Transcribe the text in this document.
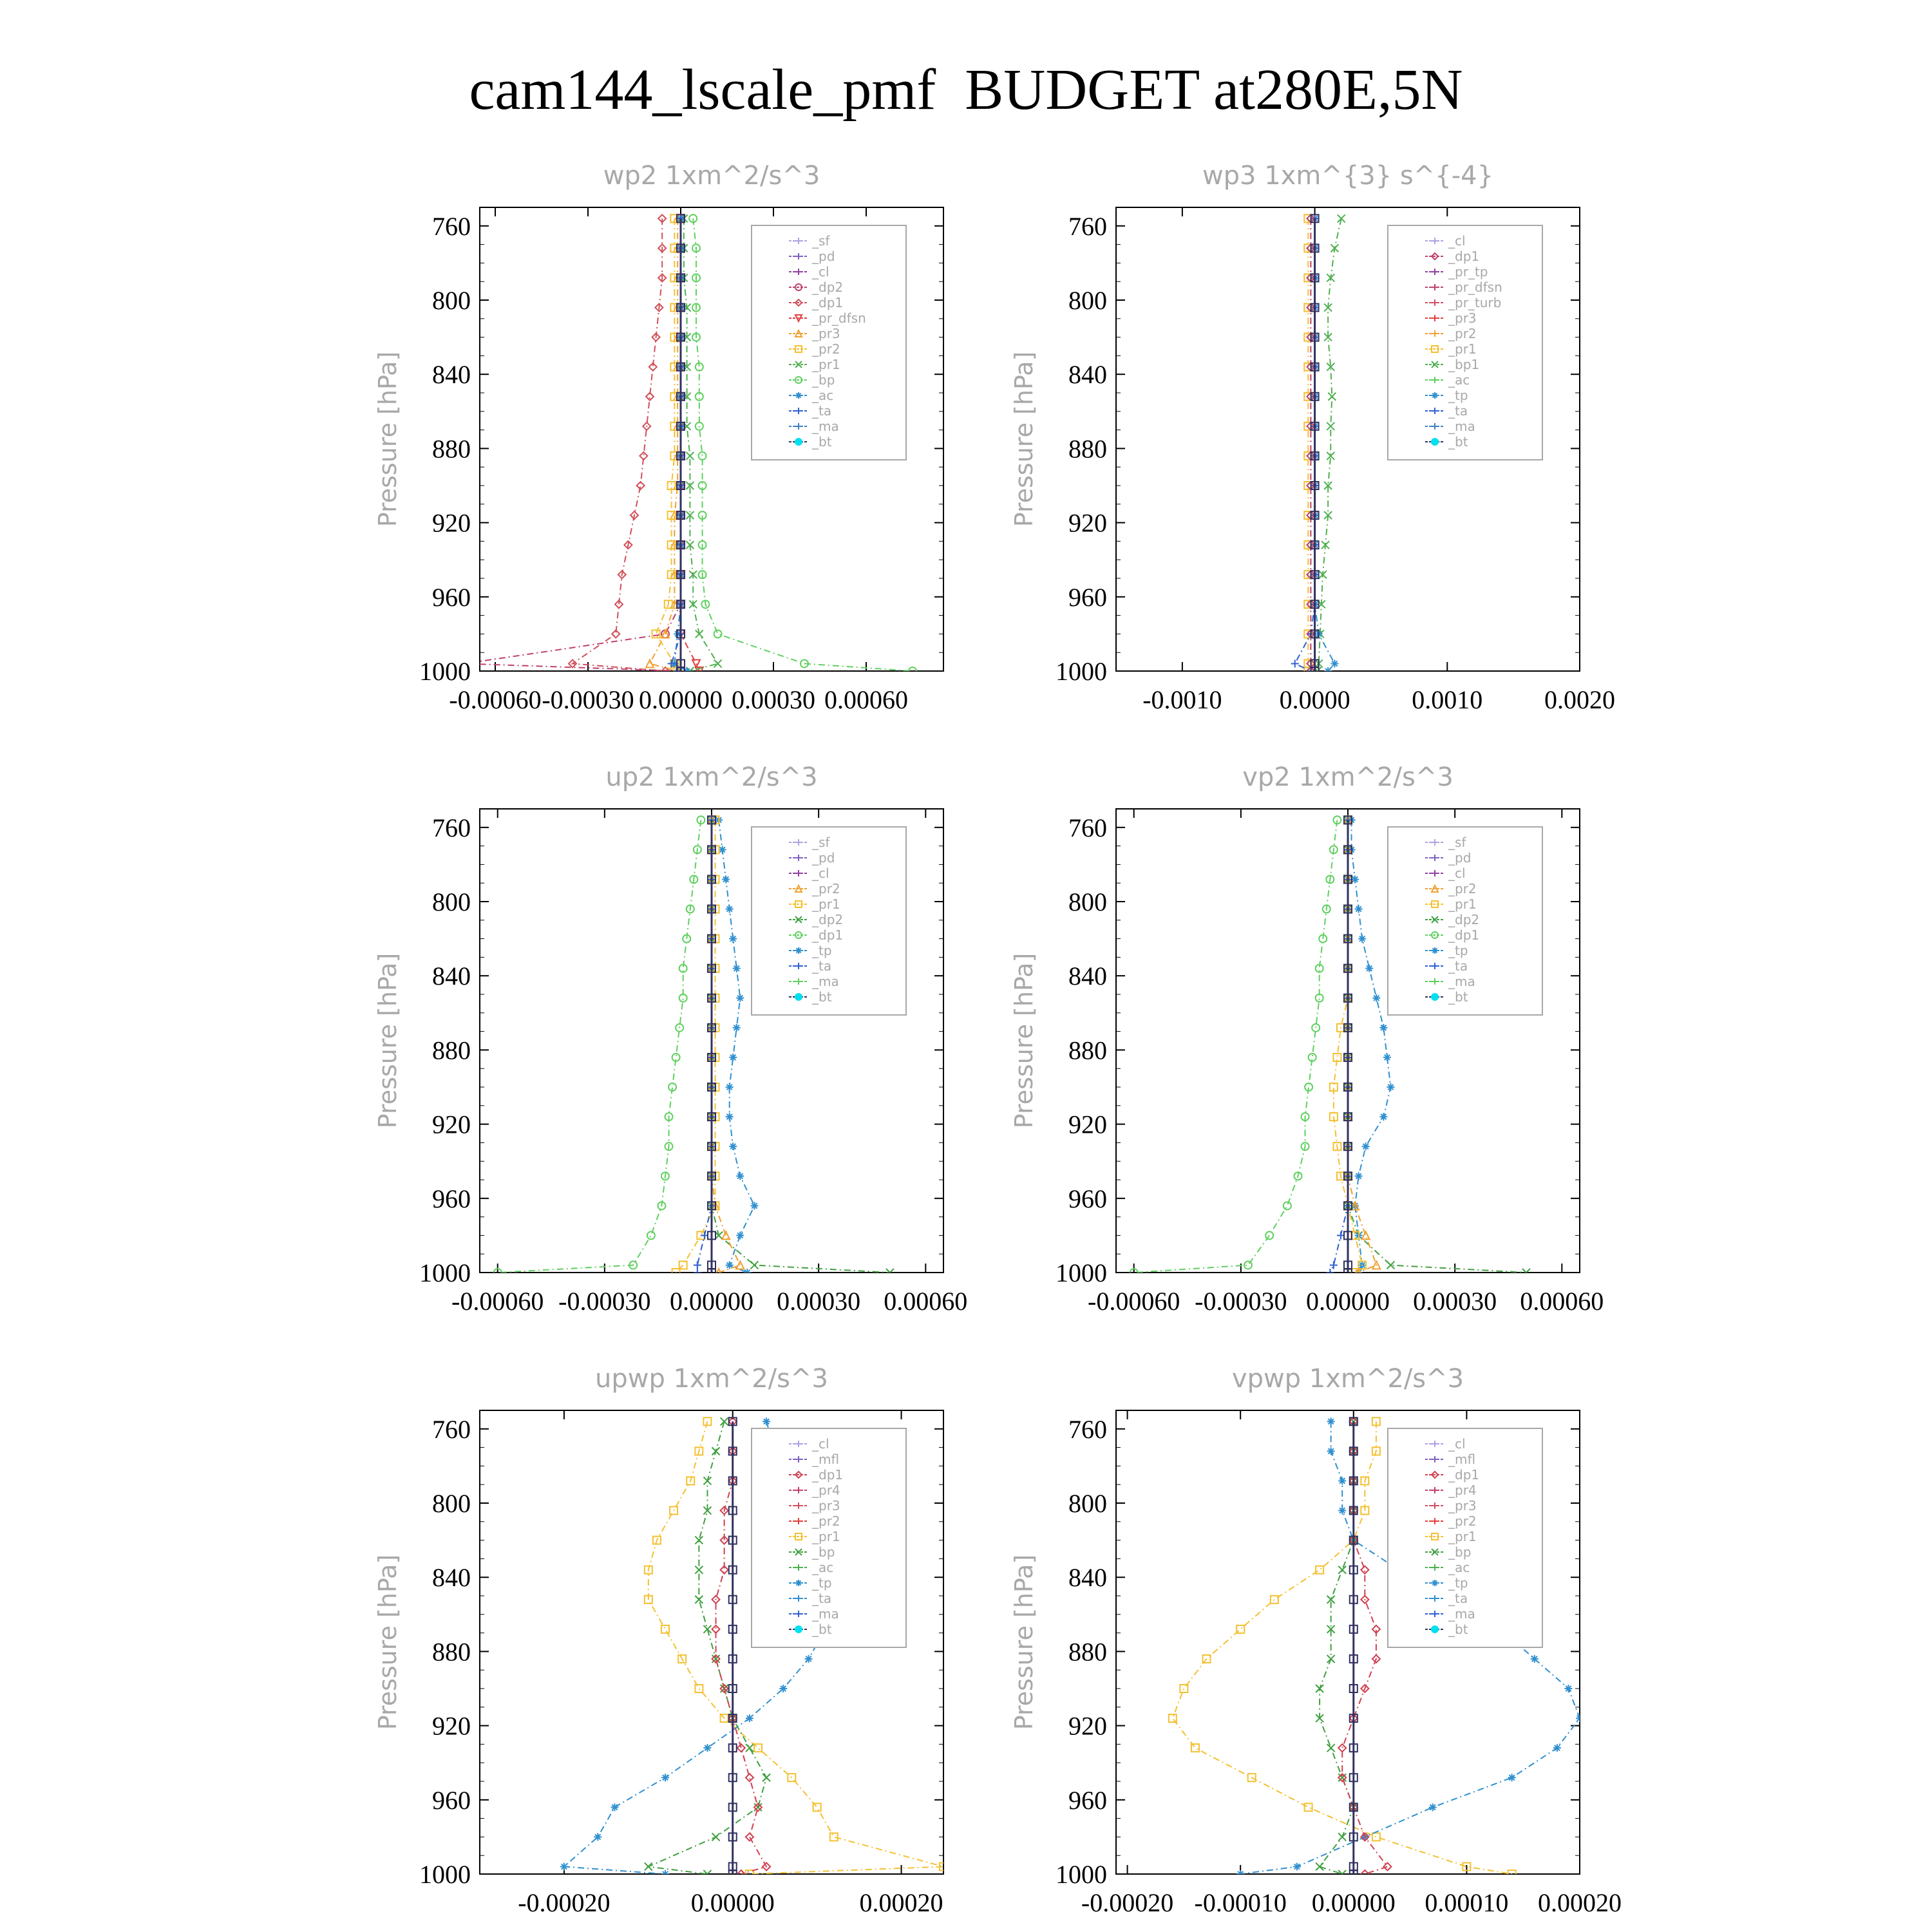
cam144_lscale_pmf  BUDGET at280E,5N
wp2 1xm^2/s^3
Pressure [hPa]
760
800
840
880
920
960
1000
-0.00060 -0.00030 0.00000 0.00030 0.00060
_sf
_pd
_cl
_dp2
_dp1
_pr_dfsn
_pr3
_pr2
_pr1
_bp
_ac
_ta
_ma
_bt
wp3 1xm^{3} s^{-4}
Pressure [hPa]
760
800
840
880
920
960
1000
-0.0010 0.0000 0.0010 0.0020
_cl
_dp1
_pr_tp
_pr_dfsn
_pr_turb
_pr3
_pr2
_pr1
_bp1
_ac
_tp
_ta
_ma
_bt
up2 1xm^2/s^3
Pressure [hPa]
760
800
840
880
920
960
1000
-0.00060 -0.00030 0.00000 0.00030 0.00060
_sf
_pd
_cl
_pr2
_pr1
_dp2
_dp1
_tp
_ta
_ma
_bt
vp2 1xm^2/s^3
Pressure [hPa]
760
800
840
880
920
960
1000
-0.00060 -0.00030 0.00000 0.00030 0.00060
_sf
_pd
_cl
_pr2
_pr1
_dp2
_dp1
_tp
_ta
_ma
_bt
upwp 1xm^2/s^3
Pressure [hPa]
760
800
840
880
920
960
1000
-0.00020	0.00000	0.00020
_cl
_mfl
_dp1
_pr4
_pr3
_pr2
_pr1
_bp
_ac
_tp
_ta
_ma
_bt
vpwp 1xm^2/s^3
Pressure [hPa]
760
800
840
880
920
960
1000
-0.00020 -0.00010 0.00000 0.00010 0.00020
_cl
_mfl
_dp1
_pr4
_pr3
_pr2
_pr1
_bp
_ac
_tp
_ta
_ma
_bt
